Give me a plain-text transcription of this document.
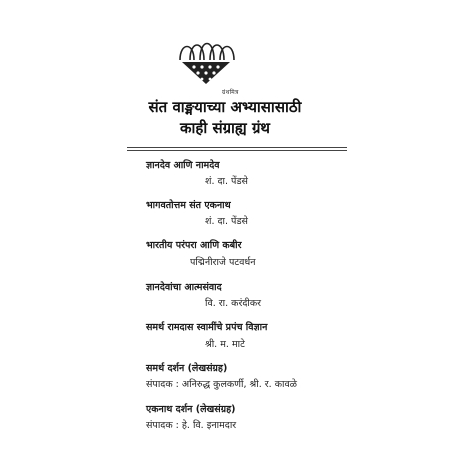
ग्रंथमित्र
संत वाङ्मयाच्या अभ्यासासाठी
काही संग्राह्य ग्रंथ
ज्ञानदेव आणि नामदेव
शं. दा. पेंडसे
भागवतोत्तम संत एकनाथ
शं. दा. पेंडसे
भारतीय परंपरा आणि कबीर
पद्मिनीराजे पटवर्धन
ज्ञानदेवांचा आत्मसंवाद
वि. रा. करंदीकर
समर्थ रामदास स्वामींचे प्रपंच विज्ञान
श्री. म. माटे
समर्थ दर्शन (लेखसंग्रह)
संपादक : अनिरुद्ध कुलकर्णी, श्री. र. कावळे
एकनाथ दर्शन (लेखसंग्रह)
संपादक : हे. वि. इनामदार
